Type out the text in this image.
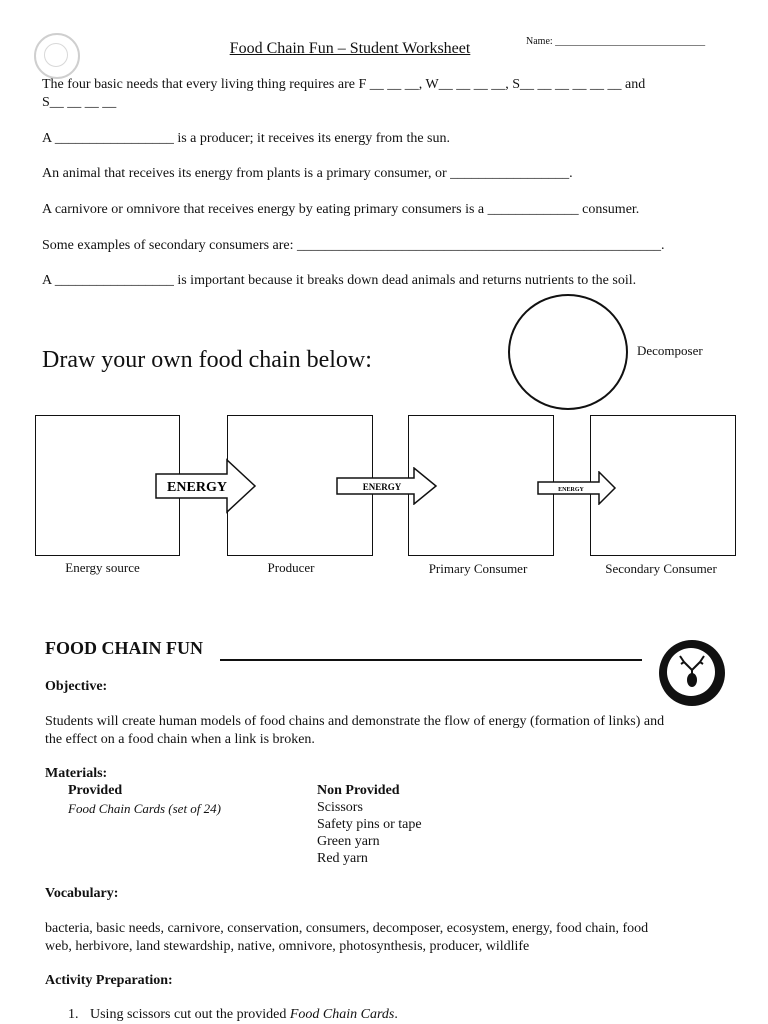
Food Chain Fun – Student Worksheet	Name: ______________________________
The four basic needs that every living thing requires are F __ __ __, W__ __ __ __, S__ __ __ __ __ __ and
S__ __ __ __
A _________________ is a producer; it receives its energy from the sun.
An animal that receives its energy from plants is a primary consumer, or _________________.
A carnivore or omnivore that receives energy by eating primary consumers is a _____________ consumer.
Some examples of secondary consumers are: ____________________________________________________.
A _________________ is important because it breaks down dead animals and returns nutrients to the soil.
Draw your own food chain below:	Decomposer
ENERGY	ENERGY	ENERGY
Energy source	Producer	Primary Consumer	Secondary Consumer
FOOD CHAIN FUN
Objective:
Students will create human models of food chains and demonstrate the flow of energy (formation of links) and
the effect on a food chain when a link is broken.
Materials:
Provided
Food Chain Cards (set of 24)
Non Provided
Scissors
Safety pins or tape
Green yarn
Red yarn
Vocabulary:
bacteria, basic needs, carnivore, conservation, consumers, decomposer, ecosystem, energy, food chain, food
web, herbivore, land stewardship, native, omnivore, photosynthesis, producer, wildlife
Activity Preparation:
1. Using scissors cut out the provided Food Chain Cards.
